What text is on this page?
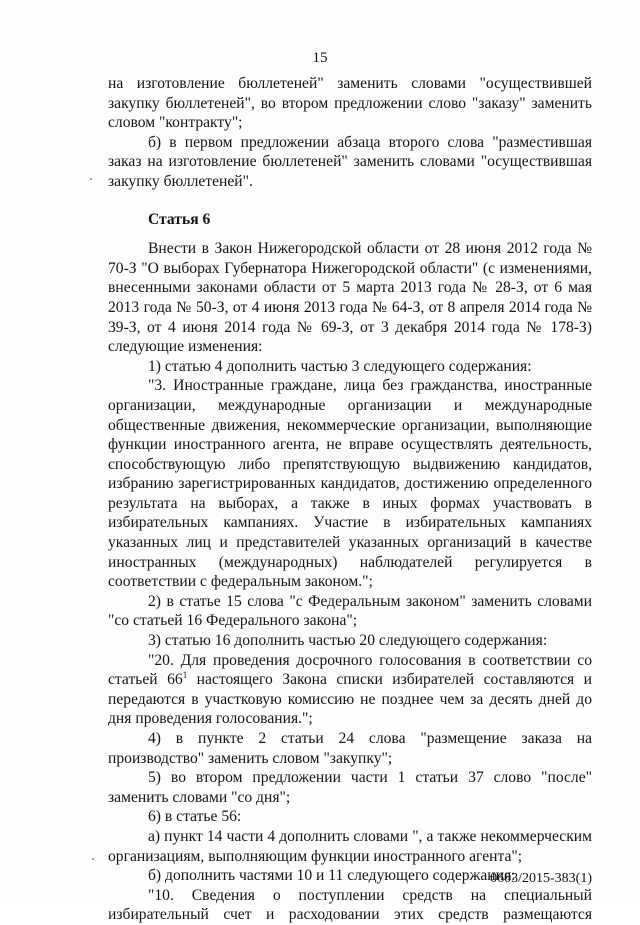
15

на изготовление бюллетеней" заменить словами "осуществившей закупку бюллетеней", во втором предложении слово "заказу" заменить словом "контракту";

б) в первом предложении абзаца второго слова "разместившая заказ на изготовление бюллетеней" заменить словами "осуществившая закупку бюллетеней".

Статья 6

Внести в Закон Нижегородской области от 28 июня 2012 года № 70-З "О выборах Губернатора Нижегородской области" (с изменениями, внесенными законами области от 5 марта 2013 года № 28-З, от 6 мая 2013 года № 50-З, от 4 июня 2013 года № 64-З, от 8 апреля 2014 года № 39-З, от 4 июня 2014 года № 69-З, от 3 декабря 2014 года № 178-З) следующие изменения:

1) статью 4 дополнить частью 3 следующего содержания:

"3. Иностранные граждане, лица без гражданства, иностранные организации, международные организации и международные общественные движения, некоммерческие организации, выполняющие функции иностранного агента, не вправе осуществлять деятельность, способствующую либо препятствующую выдвижению кандидатов, избранию зарегистрированных кандидатов, достижению определенного результата на выборах, а также в иных формах участвовать в избирательных кампаниях. Участие в избирательных кампаниях указанных лиц и представителей указанных организаций в качестве иностранных (международных) наблюдателей регулируется в соответствии с федеральным законом.";

2) в статье 15 слова "с Федеральным законом" заменить словами "со статьей 16 Федерального закона";

3) статью 16 дополнить частью 20 следующего содержания:

"20. Для проведения досрочного голосования в соответствии со статьей $66^1$ настоящего Закона списки избирателей составляются и передаются в участковую комиссию не позднее чем за десять дней до дня проведения голосования.";

4) в пункте 2 статьи 24 слова "размещение заказа на производство" заменить словом "закупку";

5) во втором предложении части 1 статьи 37 слово "после" заменить словами "со дня";

6) в статье 56:

а) пункт 14 части 4 дополнить словами ", а также некоммерческим организациям, выполняющим функции иностранного агента";

б) дополнить частями 10 и 11 следующего содержания:

"10. Сведения о поступлении средств на специальный избирательный счет и расходовании этих средств размещаются

0603/2015-383(1)
